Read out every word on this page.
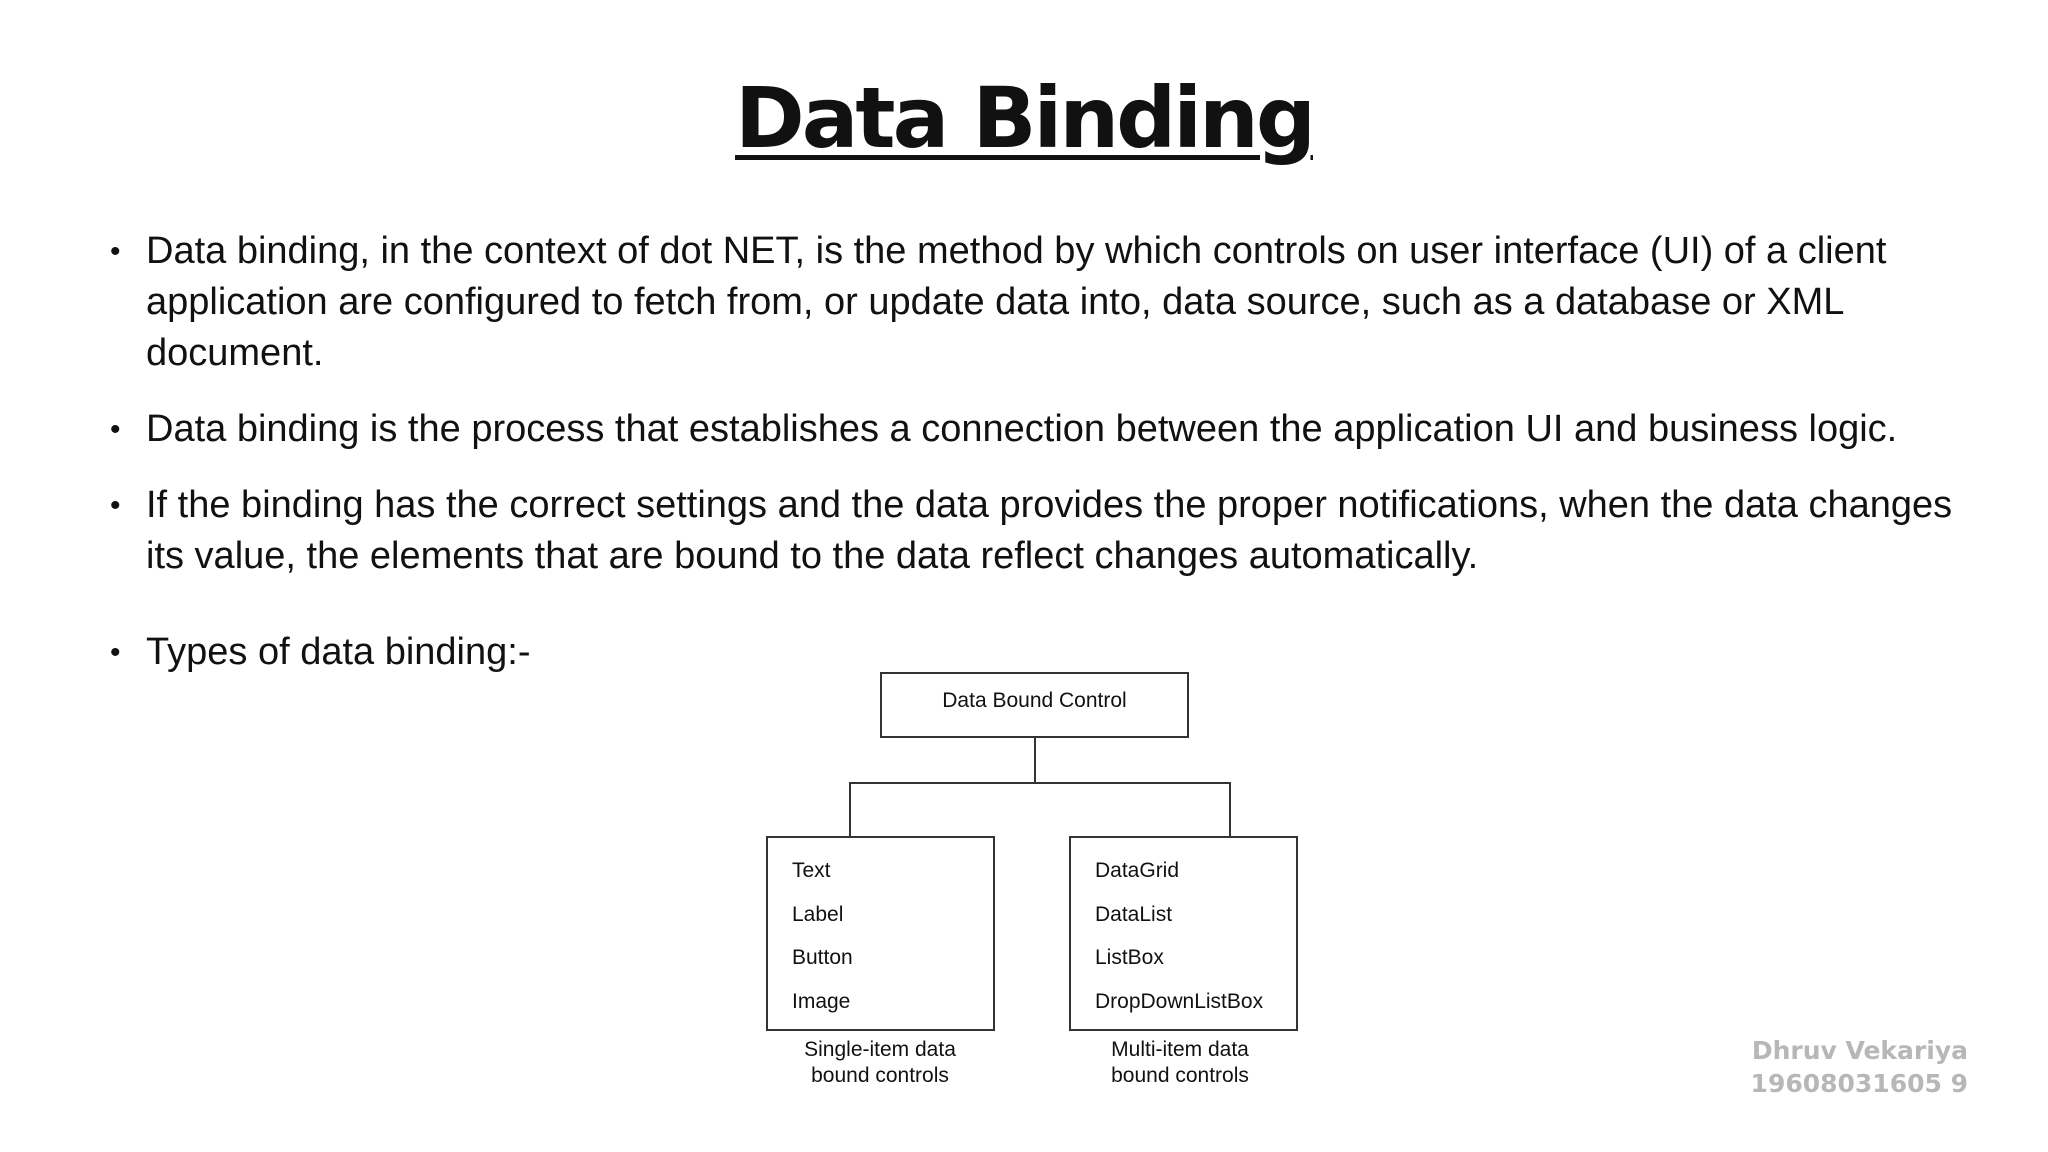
Data Binding
• Data binding, in the context of dot NET, is the method by which controls on user interface (UI) of a client application are configured to fetch from, or update data into, data source, such as a database or XML document.
• Data binding is the process that establishes a connection between the application UI and business logic.
• If the binding has the correct settings and the data provides the proper notifications, when the data changes its value, the elements that are bound to the data reflect changes automatically.
• Types of data binding:-
Data Bound Control
Text
Label
Button
Image
DataGrid
DataList
ListBox
DropDownListBox
Single-item data
bound controls
Multi-item data
bound controls
Dhruv Vekariya
19608031605 9
